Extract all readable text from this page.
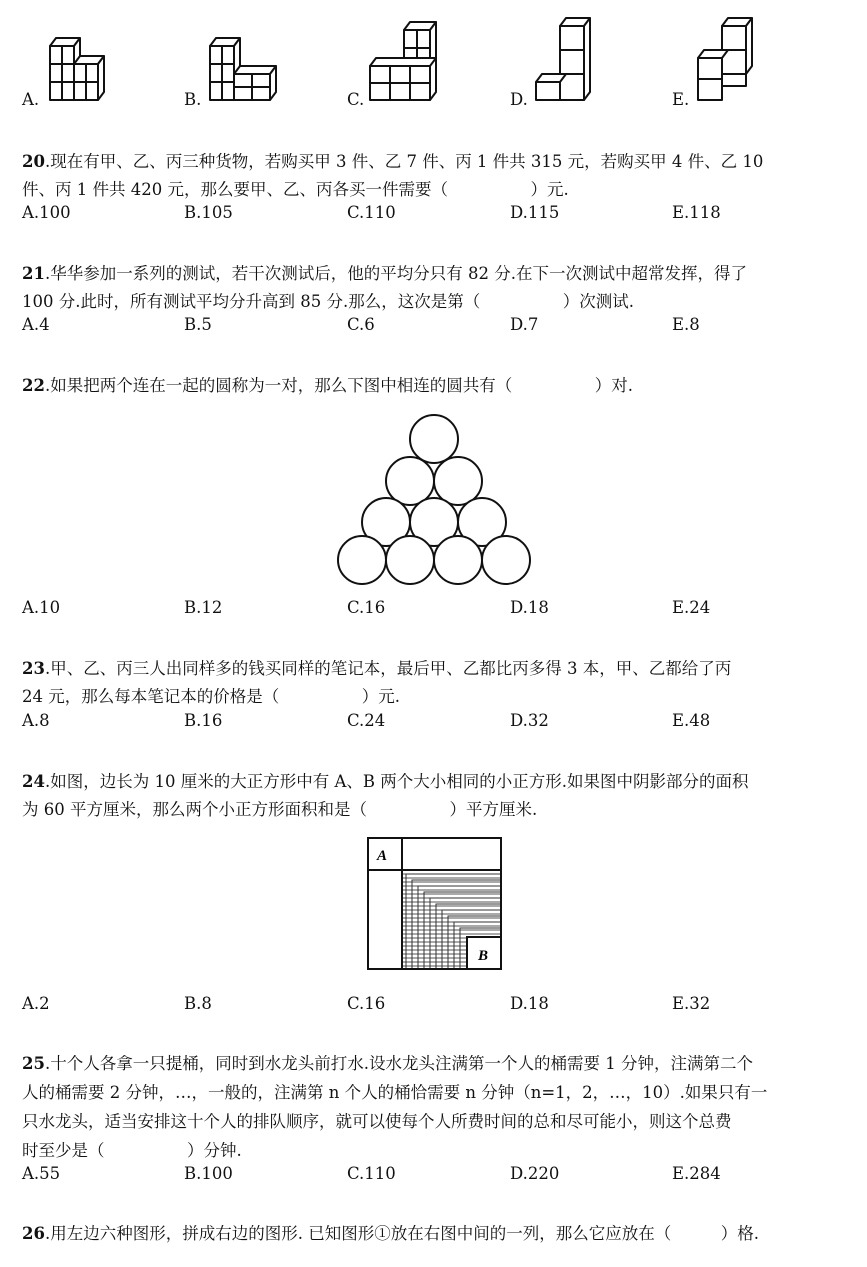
A.	B.	C.	D.	E.
20.现在有甲、乙、丙三种货物，若购买甲 3 件、乙 7 件、丙 1 件共 315 元，若购买甲 4 件、乙 10
件、丙 1 件共 420 元，那么要甲、乙、丙各买一件需要（　　　　　）元.
A.100	B.105	C.110	D.115	E.118
21.华华参加一系列的测试，若干次测试后，他的平均分只有 82 分.在下一次测试中超常发挥，得了
100 分.此时，所有测试平均分升高到 85 分.那么，这次是第（　　　　　）次测试.
A.4	B.5	C.6	D.7	E.8
22.如果把两个连在一起的圆称为一对，那么下图中相连的圆共有（　　　　　）对.
A.10	B.12	C.16	D.18	E.24
23.甲、乙、丙三人出同样多的钱买同样的笔记本，最后甲、乙都比丙多得 3 本，甲、乙都给了丙
24 元，那么每本笔记本的价格是（　　　　　）元.
A.8	B.16	C.24	D.32	E.48
24.如图，边长为 10 厘米的大正方形中有 A、B 两个大小相同的小正方形.如果图中阴影部分的面积
为 60 平方厘米，那么两个小正方形面积和是（　　　　　）平方厘米.
A
B
A.2	B.8	C.16	D.18	E.32
25.十个人各拿一只提桶，同时到水龙头前打水.设水龙头注满第一个人的桶需要 1 分钟，注满第二个
人的桶需要 2 分钟，…，一般的，注满第 n 个人的桶恰需要 n 分钟（n=1，2，…，10）.如果只有一
只水龙头，适当安排这十个人的排队顺序，就可以使每个人所费时间的总和尽可能小，则这个总费
时至少是（　　　　　）分钟.
A.55	B.100	C.110	D.220	E.284
26.用左边六种图形，拼成右边的图形. 已知图形①放在右图中间的一列，那么它应放在（　　　）格.
